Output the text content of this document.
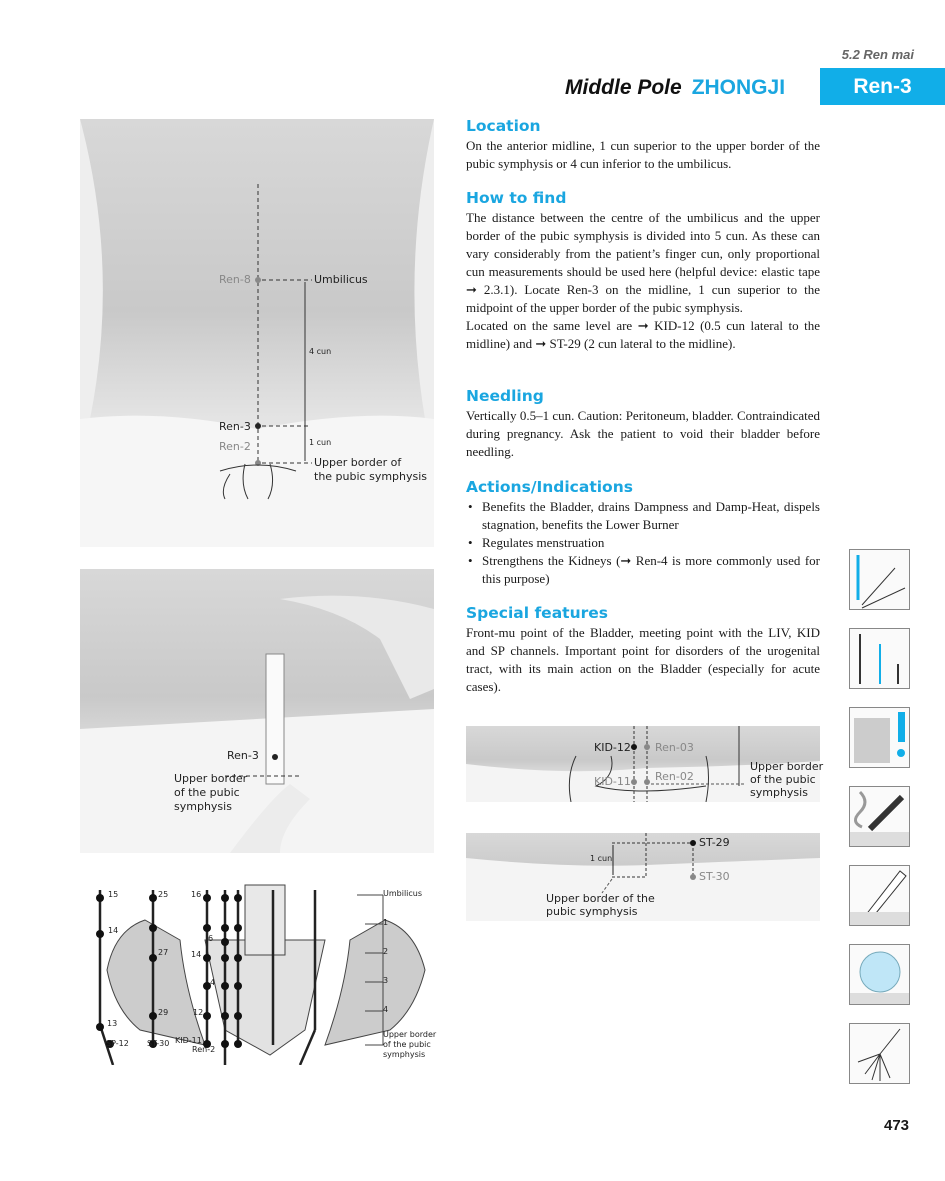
5.2 Ren mai
Middle Pole ZHONGJI	Ren-3
Location

On the anterior midline, 1 cun superior to the upper border of the pubic symphysis or 4 cun inferior to the umbilicus.

How to find

The distance between the centre of the umbilicus and the upper border of the pubic symphysis is divided into 5 cun. As these can vary considerably from the patient’s finger cun, only proportional cun measurements should be used here (helpful device: elastic tape ➞ 2.3.1). Locate Ren-3 on the midline, 1 cun superior to the midpoint of the upper border of the pubic symphysis.

Located on the same level are ➞ KID-12 (0.5 cun lateral to the midline) and ➞ ST-29 (2 cun lateral to the midline).

Needling

Vertically 0.5–1 cun. Caution: Peritoneum, bladder. Contraindicated during pregnancy. Ask the patient to void their bladder before needling.

Actions/Indications
• Benefits the Bladder, drains Dampness and Damp-Heat, dispels stagnation, benefits the Lower Burner
• Regulates menstruation
• Strengthens the Kidneys (➞ Ren-4 is more commonly used for this purpose)
Special features

Front-mu point of the Bladder, meeting point with the LIV, KID and SP channels. Important point for disorders of the urogenital tract, with its main action on the Bladder (especially for acute cases).

Ren-8	Umbilicus
4 cun
Ren-3
Ren-2	1 cun
Upper border of
the pubic symphysis
Ren-3
Upper border
of the pubic
symphysis
15	25	16
14
6
27	14
4
29	12
13
SP-12 ST-30 KID-11
Ren-2
Umbilicus
1
2
3
4
Upper border
of the pubic
symphysis
KID-12 Ren-03
KID-11 Ren-02
Upper border
of the pubic
symphysis
ST-29
ST-30
1 cun
Upper border of the
pubic symphysis
473
